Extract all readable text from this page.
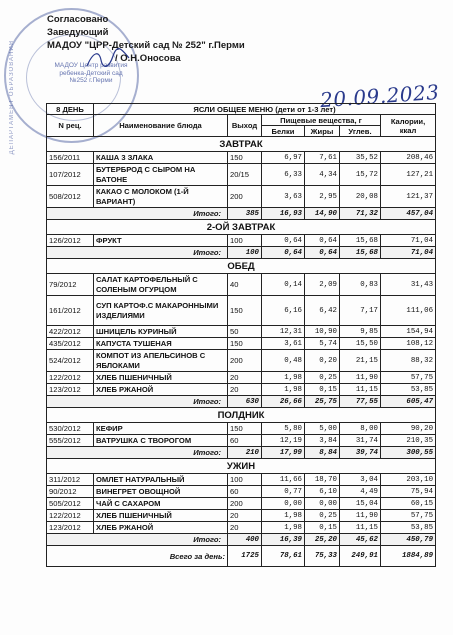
ДЕПАРТАМЕНТ ОБРАЗОВАНИЯ	МАДОУ Центр развития ребенка-Детский сад №252 г.Перми
Согласовано
Заведующий
МАДОУ "ЦРР-Детский сад № 252" г.Перми
/ О.Н.Оносова
20.09.2023
8 ДЕНЬ	ЯСЛИ ОБЩЕЕ МЕНЮ (дети от 1-3 лет)					
N рец.	Наименование блюда	Выход	Пищевые вещества, г			Калории, ккал
			Белки	Жиры	Углев.	
ЗАВТРАК						
156/2011	КАША 3 ЗЛАКА	150	6,97	7,61	35,52	208,46
107/2012	БУТЕРБРОД С СЫРОМ НА БАТОНЕ	20/15	6,33	4,34	15,72	127,21
508/2012	КАКАО С МОЛОКОМ (1-Й ВАРИАНТ)	200	3,63	2,95	20,08	121,37
Итого:		385	16,93	14,90	71,32	457,04
2-ОЙ ЗАВТРАК						
126/2012	ФРУКТ	100	0,64	0,64	15,68	71,04
Итого:		100	0,64	0,64	15,68	71,04
ОБЕД						
79/2012	САЛАТ КАРТОФЕЛЬНЫЙ С СОЛЕНЫМ ОГУРЦОМ	40	0,14	2,09	0,83	31,43
161/2012	СУП КАРТОФ.С МАКАРОННЫМИ ИЗДЕЛИЯМИ	150	6,16	6,42	7,17	111,06
422/2012	ШНИЦЕЛЬ КУРИНЫЙ	50	12,31	10,90	9,85	154,94
435/2012	КАПУСТА ТУШЕНАЯ	150	3,61	5,74	15,50	108,12
524/2012	КОМПОТ ИЗ АПЕЛЬСИНОВ С ЯБЛОКАМИ	200	0,48	0,20	21,15	88,32
122/2012	ХЛЕБ ПШЕНИЧНЫЙ	20	1,98	0,25	11,90	57,75
123/2012	ХЛЕБ РЖАНОЙ	20	1,98	0,15	11,15	53,85
Итого:		630	26,66	25,75	77,55	605,47
ПОЛДНИК						
530/2012	КЕФИР	150	5,80	5,00	8,00	90,20
555/2012	ВАТРУШКА С ТВОРОГОМ	60	12,19	3,84	31,74	210,35
Итого:		210	17,99	8,84	39,74	300,55
УЖИН						
311/2012	ОМЛЕТ НАТУРАЛЬНЫЙ	100	11,66	18,70	3,04	203,10
90/2012	ВИНЕГРЕТ ОВОЩНОЙ	60	0,77	6,10	4,49	75,94
505/2012	ЧАЙ С САХАРОМ	200	0,00	0,00	15,04	60,15
122/2012	ХЛЕБ ПШЕНИЧНЫЙ	20	1,98	0,25	11,90	57,75
123/2012	ХЛЕБ РЖАНОЙ	20	1,98	0,15	11,15	53,85
Итого:		400	16,39	25,20	45,62	450,79
Всего за день:		1725	78,61	75,33	249,91	1884,89
